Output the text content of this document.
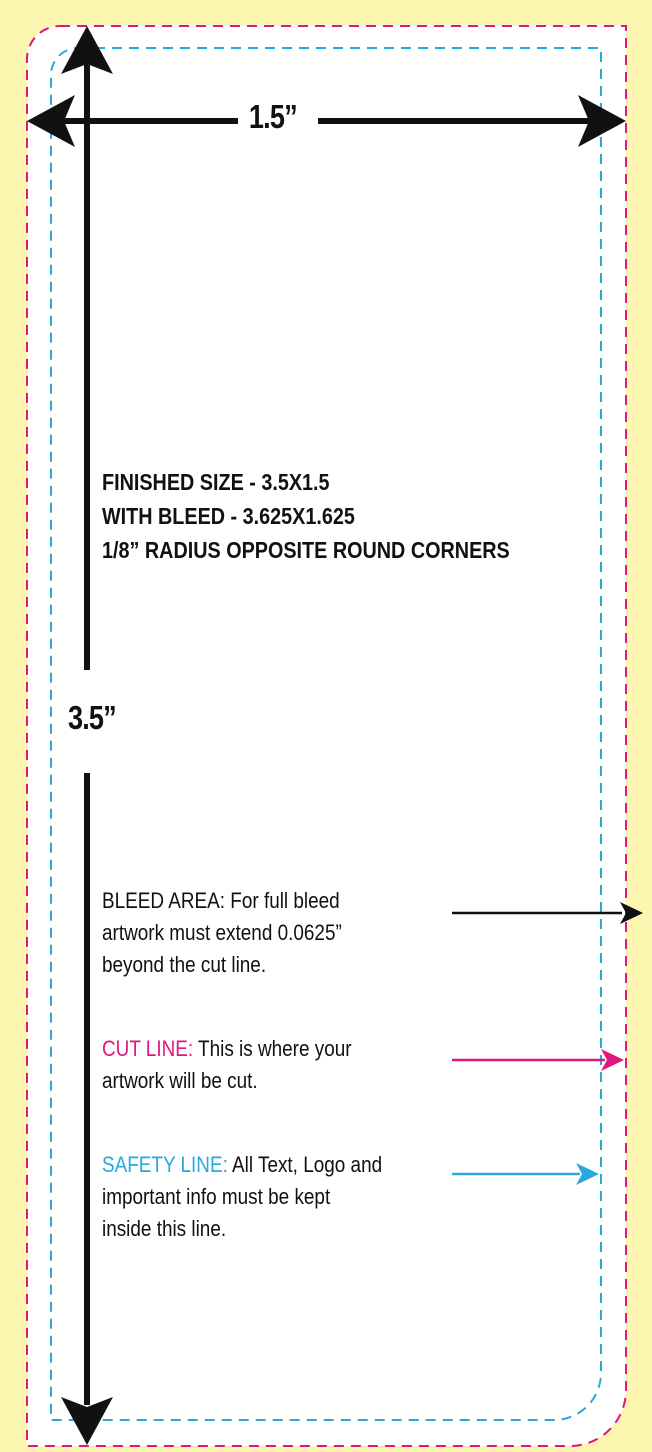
1.5”
3.5”
FINISHED SIZE - 3.5X1.5
WITH BLEED - 3.625X1.625
1/8” RADIUS OPPOSITE ROUND CORNERS
BLEED AREA: For full bleed
artwork must extend 0.0625”
beyond the cut line.
CUT LINE: This is where your
artwork will be cut.
SAFETY LINE: All Text, Logo and
important info must be kept
inside this line.
